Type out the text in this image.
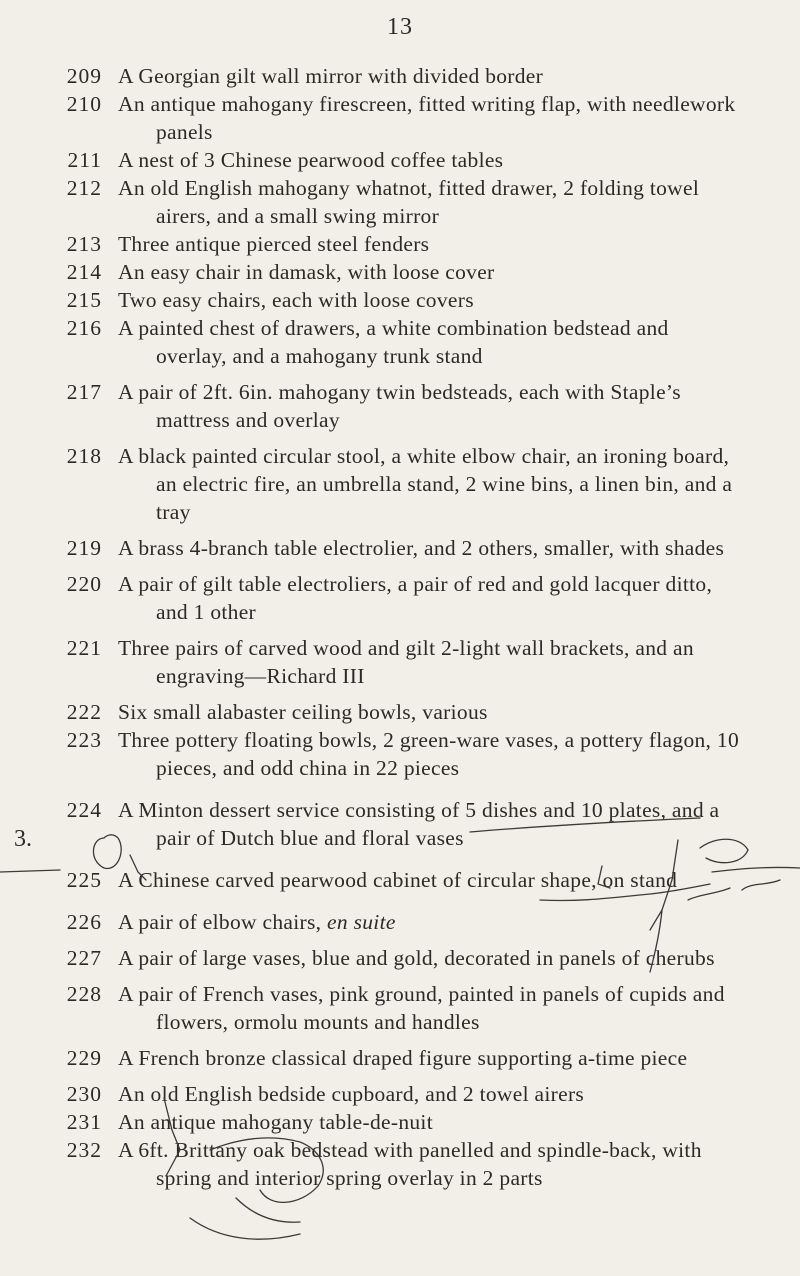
13
3.
209 A Georgian gilt wall mirror with divided border
210 An antique mahogany firescreen, fitted writing flap, with needlework panels
211 A nest of 3 Chinese pearwood coffee tables
212 An old English mahogany whatnot, fitted drawer, 2 folding towel airers, and a small swing mirror
213 Three antique pierced steel fenders
214 An easy chair in damask, with loose cover
215 Two easy chairs, each with loose covers
216 A painted chest of drawers, a white combination bedstead and overlay, and a mahogany trunk stand
217 A pair of 2ft. 6in. mahogany twin bedsteads, each with Staple’s mattress and overlay
218 A black painted circular stool, a white elbow chair, an ironing board, an electric fire, an umbrella stand, 2 wine bins, a linen bin, and a tray
219 A brass 4-branch table electrolier, and 2 others, smaller, with shades
220 A pair of gilt table electroliers, a pair of red and gold lacquer ditto, and 1 other
221 Three pairs of carved wood and gilt 2-light wall brackets, and an engraving—Richard III
222 Six small alabaster ceiling bowls, various
223 Three pottery floating bowls, 2 green-ware vases, a pottery flagon, 10 pieces, and odd china in 22 pieces
224 A Minton dessert service consisting of 5 dishes and 10 plates, and a pair of Dutch blue and floral vases
225 A Chinese carved pearwood cabinet of circular shape, on stand
226 A pair of elbow chairs, en suite
227 A pair of large vases, blue and gold, decorated in panels of cherubs
228 A pair of French vases, pink ground, painted in panels of cupids and flowers, ormolu mounts and handles
229 A French bronze classical draped figure supporting a-time piece
230 An old English bedside cupboard, and 2 towel airers
231 An antique mahogany table-de-nuit
232 A 6ft. Brittany oak bedstead with panelled and spindle-back, with spring and interior spring overlay in 2 parts
